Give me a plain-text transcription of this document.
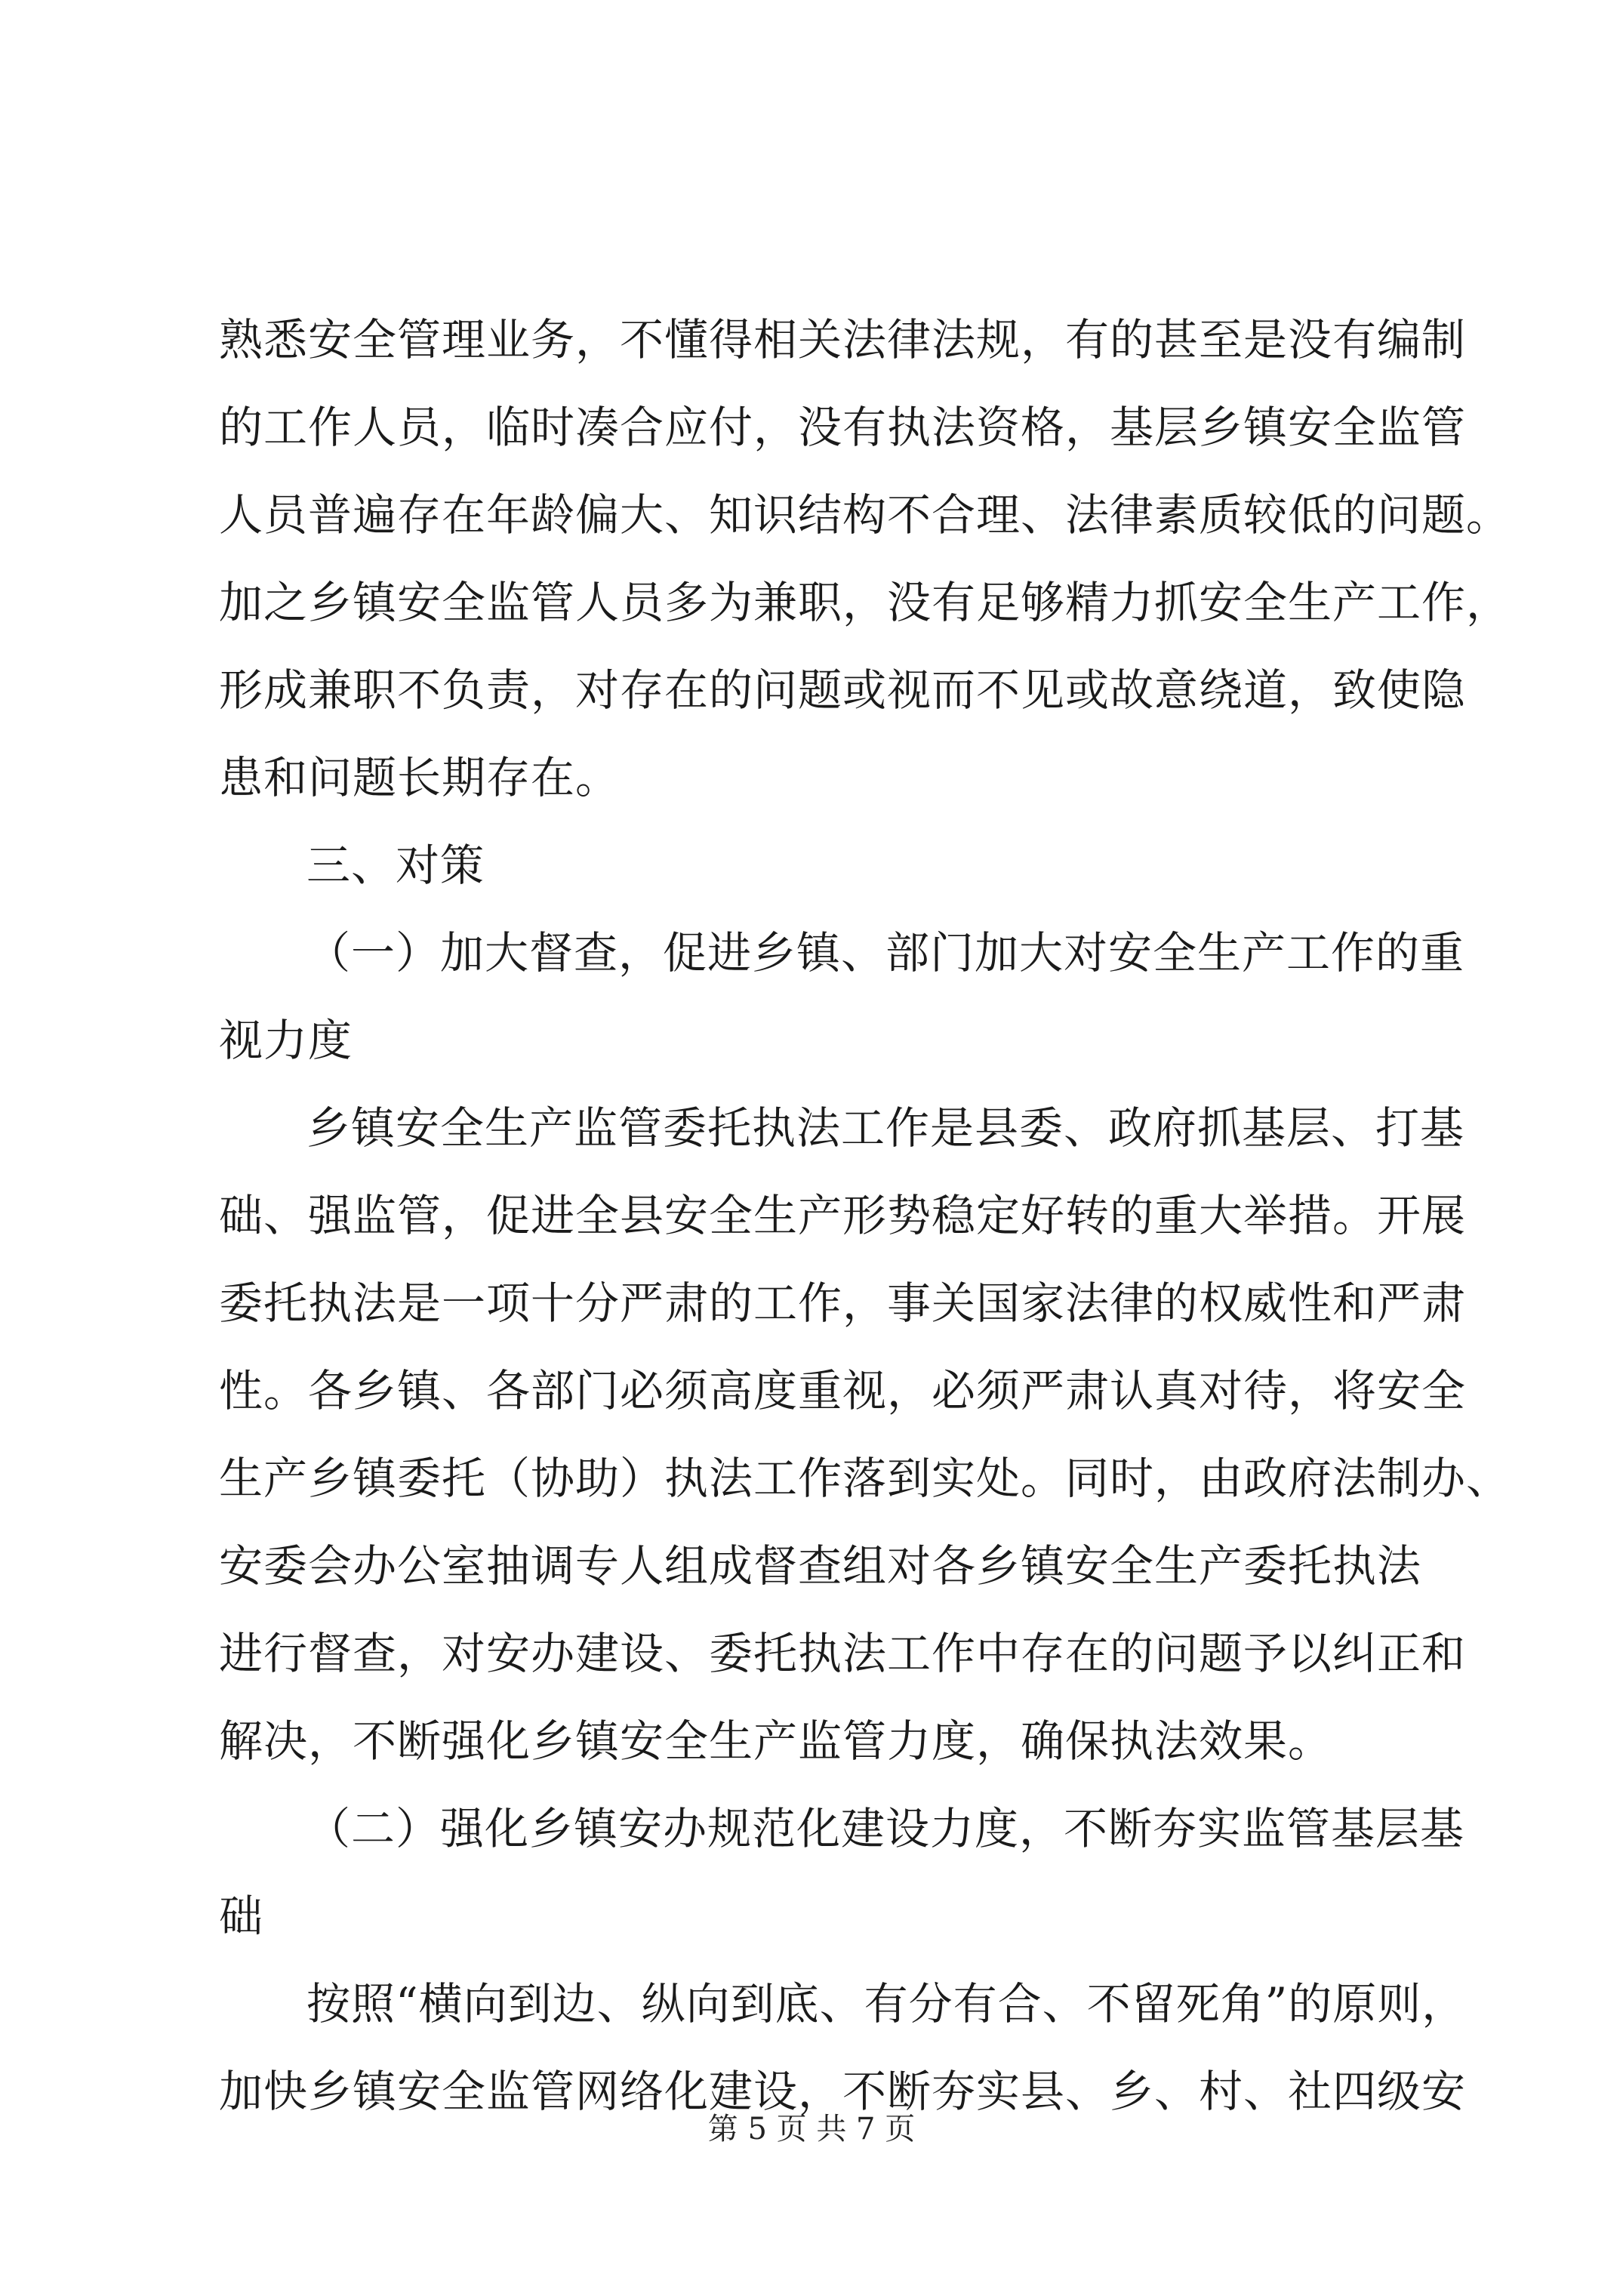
熟悉安全管理业务，不懂得相关法律法规，有的甚至是没有编制
的工作人员，临时凑合应付，没有执法资格，基层乡镇安全监管
人员普遍存在年龄偏大、知识结构不合理、法律素质较低的问题。
加之乡镇安全监管人员多为兼职，没有足够精力抓安全生产工作，
形成兼职不负责，对存在的问题或视而不见或故意绕道，致使隐
患和问题长期存在。
三、对策
（一）加大督查，促进乡镇、部门加大对安全生产工作的重
视力度
乡镇安全生产监管委托执法工作是县委、政府抓基层、打基
础、强监管，促进全县安全生产形势稳定好转的重大举措。开展
委托执法是一项十分严肃的工作，事关国家法律的权威性和严肃
性。各乡镇、各部门必须高度重视，必须严肃认真对待，将安全
生产乡镇委托（协助）执法工作落到实处。同时，由政府法制办、
安委会办公室抽调专人组成督查组对各乡镇安全生产委托执法
进行督查，对安办建设、委托执法工作中存在的问题予以纠正和
解决，不断强化乡镇安全生产监管力度，确保执法效果。
（二）强化乡镇安办规范化建设力度，不断夯实监管基层基
础
按照“横向到边、纵向到底、有分有合、不留死角”的原则，
加快乡镇安全监管网络化建设，不断夯实县、乡、村、社四级安
第 5 页 共 7 页
